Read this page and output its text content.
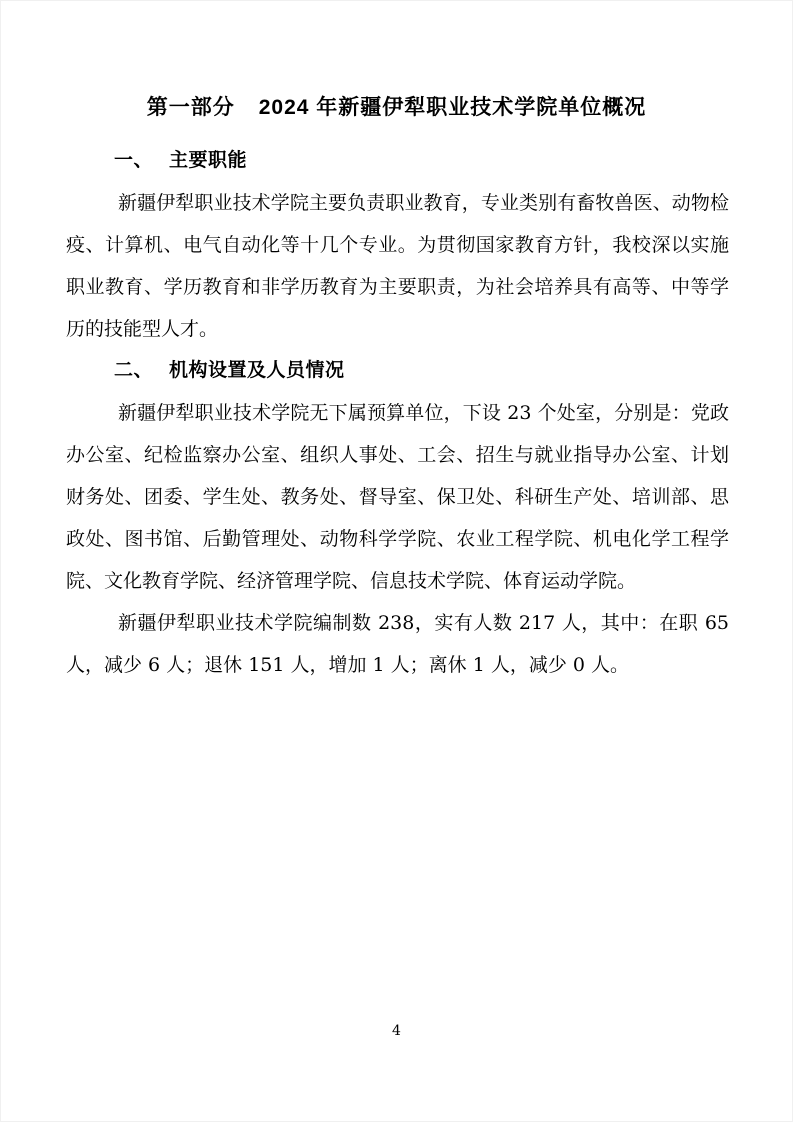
第一部分 2024 年新疆伊犁职业技术学院单位概况
一、 主要职能

新疆伊犁职业技术学院主要负责职业教育，专业类别有畜牧兽医、动物检疫、计算机、电气自动化等十几个专业。为贯彻国家教育方针，我校深以实施职业教育、学历教育和非学历教育为主要职责，为社会培养具有高等、中等学历的技能型人才。

二、 机构设置及人员情况

新疆伊犁职业技术学院无下属预算单位，下设 23 个处室，分别是：党政办公室、纪检监察办公室、组织人事处、工会、招生与就业指导办公室、计划财务处、团委、学生处、教务处、督导室、保卫处、科研生产处、培训部、思政处、图书馆、后勤管理处、动物科学学院、农业工程学院、机电化学工程学院、文化教育学院、经济管理学院、信息技术学院、体育运动学院。

新疆伊犁职业技术学院编制数 238，实有人数 217 人，其中：在职 65 人，减少 6 人；退休 151 人，增加 1 人；离休 1 人，减少 0 人。

4
